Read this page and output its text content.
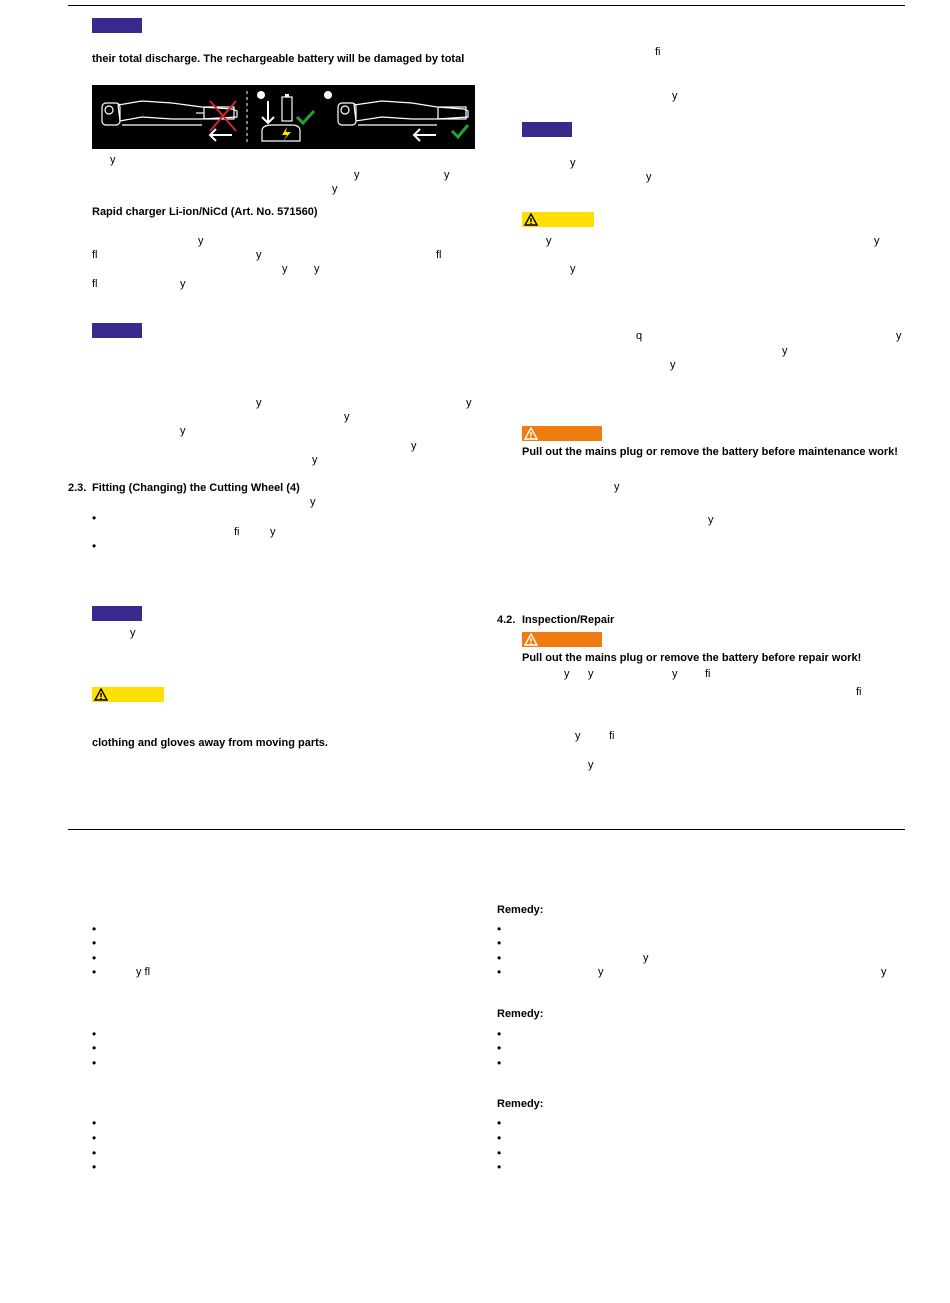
their total discharge. The rechargeable battery will be damaged by total
y
y	y
y
Rapid charger Li-ion/NiCd (Art. No. 571560)
y
fl	y	fl
y y
fl	y
y	y
y
y
y
y
2.3. Fitting (Changing) the Cutting Wheel (4)
y
•
fi	y
•
y
clothing and gloves away from moving parts.
fi
y
y
y
y	y
y
q	y
y
y
Pull out the mains plug or remove the battery before maintenance work!
y
y
4.2. Inspection/Repair
Pull out the mains plug or remove the battery before repair work!
y y	y	fi
fi
y	fi
y
Remedy:
•
•
•
•	y fl
•
•
•
•
y
y	y
Remedy:
•
•
•
•
•
•
Remedy:
•
•
•
•
•
•
•
•
